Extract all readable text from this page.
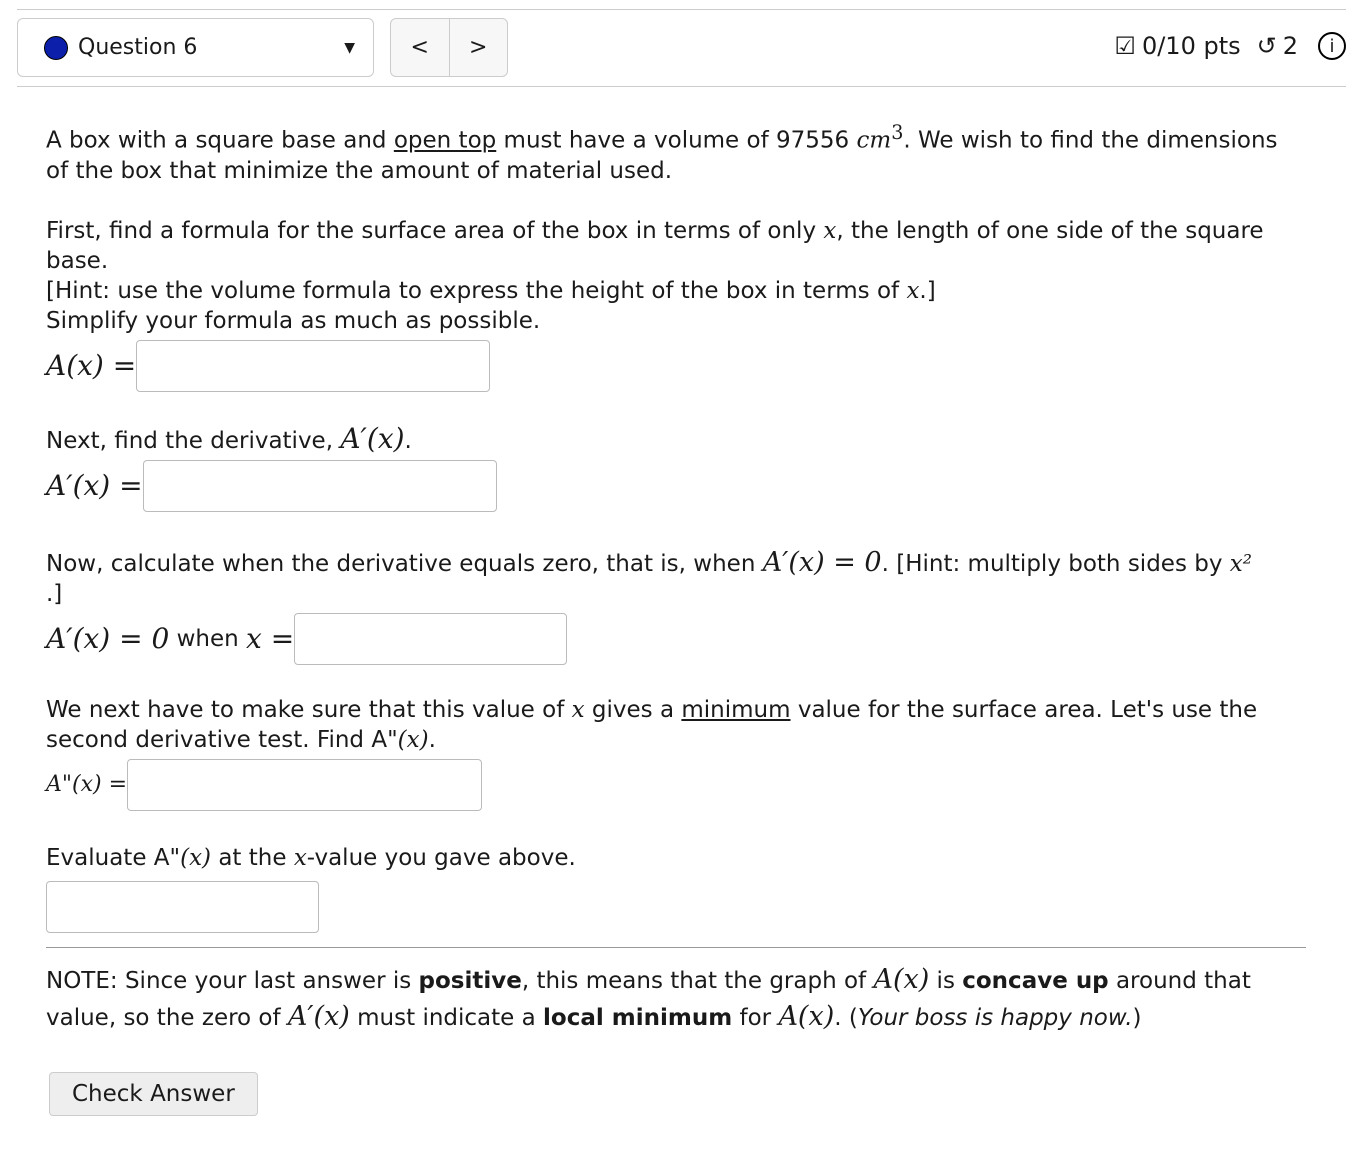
Question 6	▼	<	>	☑ 0/10 pts ↺ 2	i

A box with a square base and open top must have a volume of 97556 $cm^3$. We wish to find the dimensions of the box that minimize the amount of material used.

First, find a formula for the surface area of the box in terms of only x, the length of one side of the square base.
[Hint: use the volume formula to express the height of the box in terms of x.]
Simplify your formula as much as possible.

A(x) =

Next, find the derivative, A′(x).

A′(x) =

Now, calculate when the derivative equals zero, that is, when A′(x) = 0. [Hint: multiply both sides by x²
.]

A′(x) = 0 when x =

We next have to make sure that this value of x gives a minimum value for the surface area. Let's use the second derivative test. Find A"(x).

A"(x) =

Evaluate A"(x) at the x-value you gave above.

NOTE: Since your last answer is positive, this means that the graph of A(x) is concave up around that value, so the zero of A′(x) must indicate a local minimum for A(x). (Your boss is happy now.)

Check Answer
